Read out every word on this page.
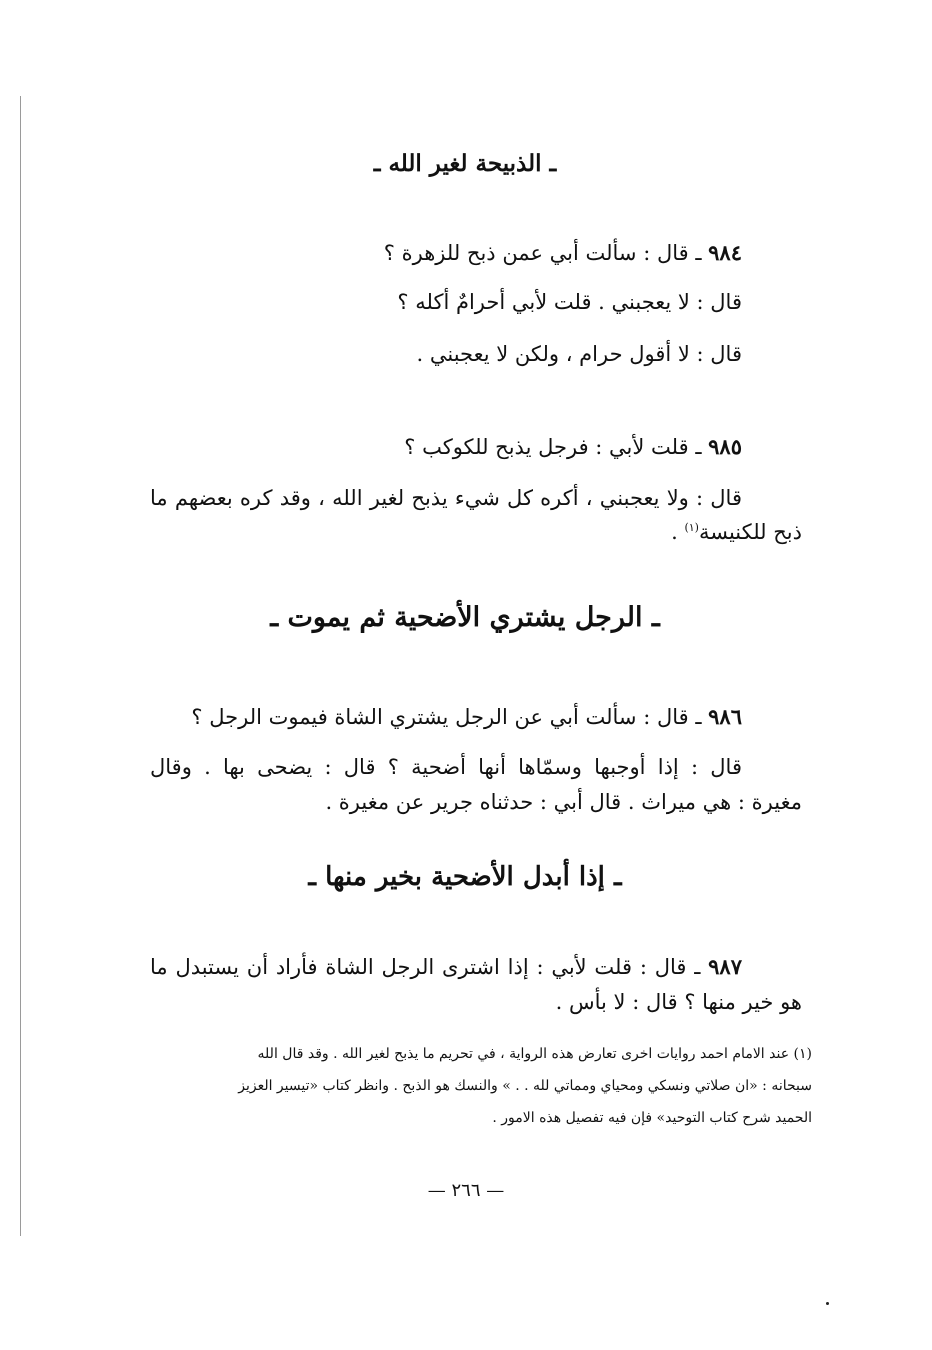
ـ الذبيحة لغير الله ـ

٩٨٤ ـ قال : سألت أبي عمن ذبح للزهرة ؟

قال : لا يعجبني . قلت لأبي أحرامٌ أكله ؟

قال : لا أقول حرام ، ولكن لا يعجبني .

٩٨٥ ـ قلت لأبي : فرجل يذبح للكوكب ؟

قال : ولا يعجبني ، أكره كل شيء يذبح لغير الله ، وقد كره بعضهم ما

ذبح للكنيسة$^{(١)}$ .

ـ الرجل يشتري الأضحية ثم يموت ـ

٩٨٦ ـ قال : سألت أبي عن الرجل يشتري الشاة فيموت الرجل ؟

قال : إذا أوجبها وسمّاها أنها أضحية ؟ قال : يضحى بها . وقال

مغيرة : هي ميراث . قال أبي : حدثناه جرير عن مغيرة .

ـ إذا أبدل الأضحية بخير منها ـ

٩٨٧ ـ قال : قلت لأبي : إذا اشترى الرجل الشاة فأراد أن يستبدل ما

هو خير منها ؟ قال : لا بأس .

(١) عند الامام احمد روايات اخرى تعارض هذه الرواية ، في تحريم ما يذبح لغير الله . وقد قال الله

سبحانه : «ان صلاتي ونسكي ومحياي ومماتي لله . . » والنسك هو الذبح . وانظر كتاب «تيسير العزيز

الحميد شرح كتاب التوحيد» فإن فيه تفصيل هذه الامور .

— ٢٦٦ —
